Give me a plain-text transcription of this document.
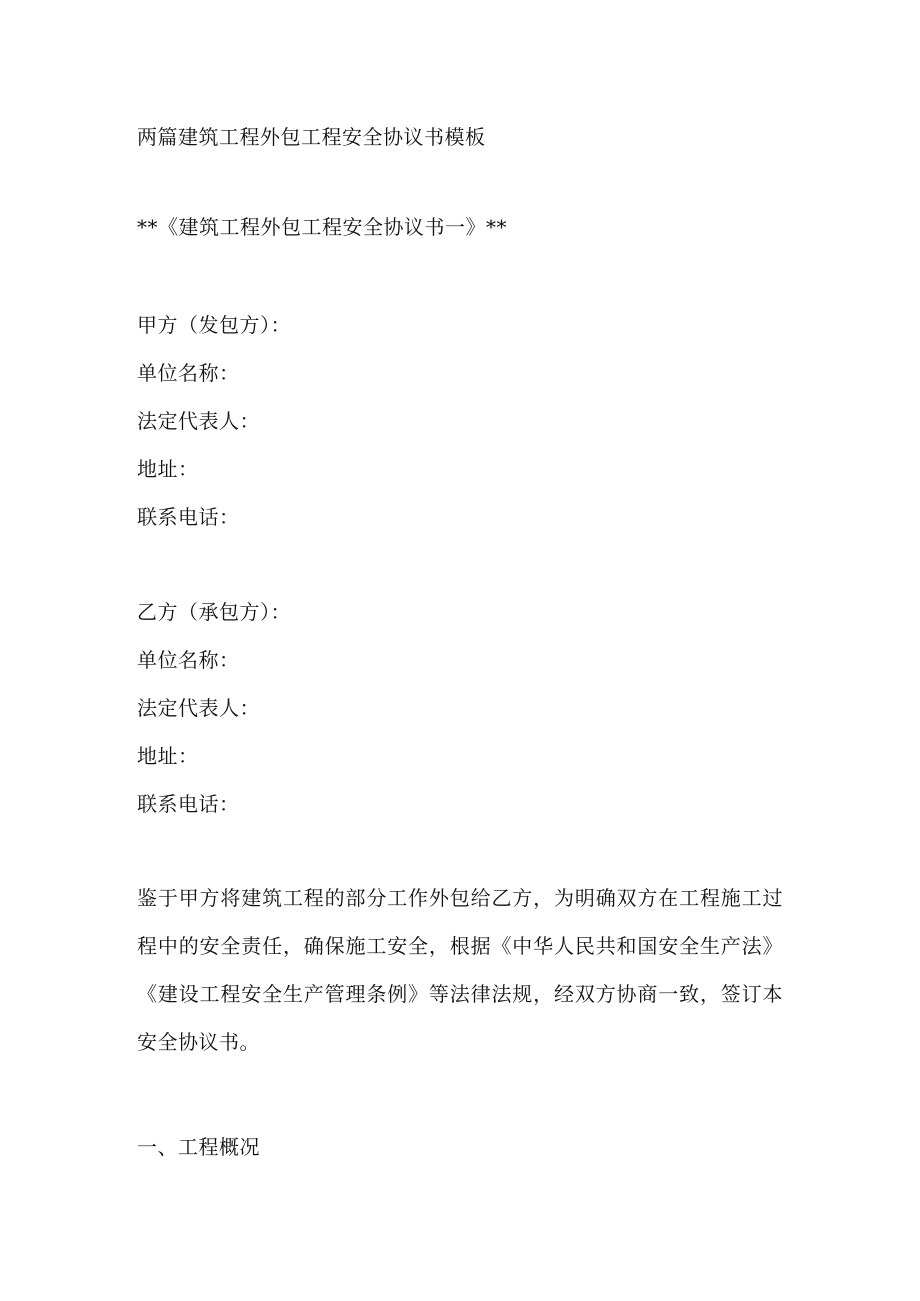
两篇建筑工程外包工程安全协议书模板
**《建筑工程外包工程安全协议书一》**
甲方（发包方）：
单位名称：
法定代表人：
地址：
联系电话：
乙方（承包方）：
单位名称：
法定代表人：
地址：
联系电话：
鉴于甲方将建筑工程的部分工作外包给乙方，为明确双方在工程施工过程中的安全责任，确保施工安全，根据《中华人民共和国安全生产法》《建设工程安全生产管理条例》等法律法规，经双方协商一致，签订本安全协议书。
一、工程概况
